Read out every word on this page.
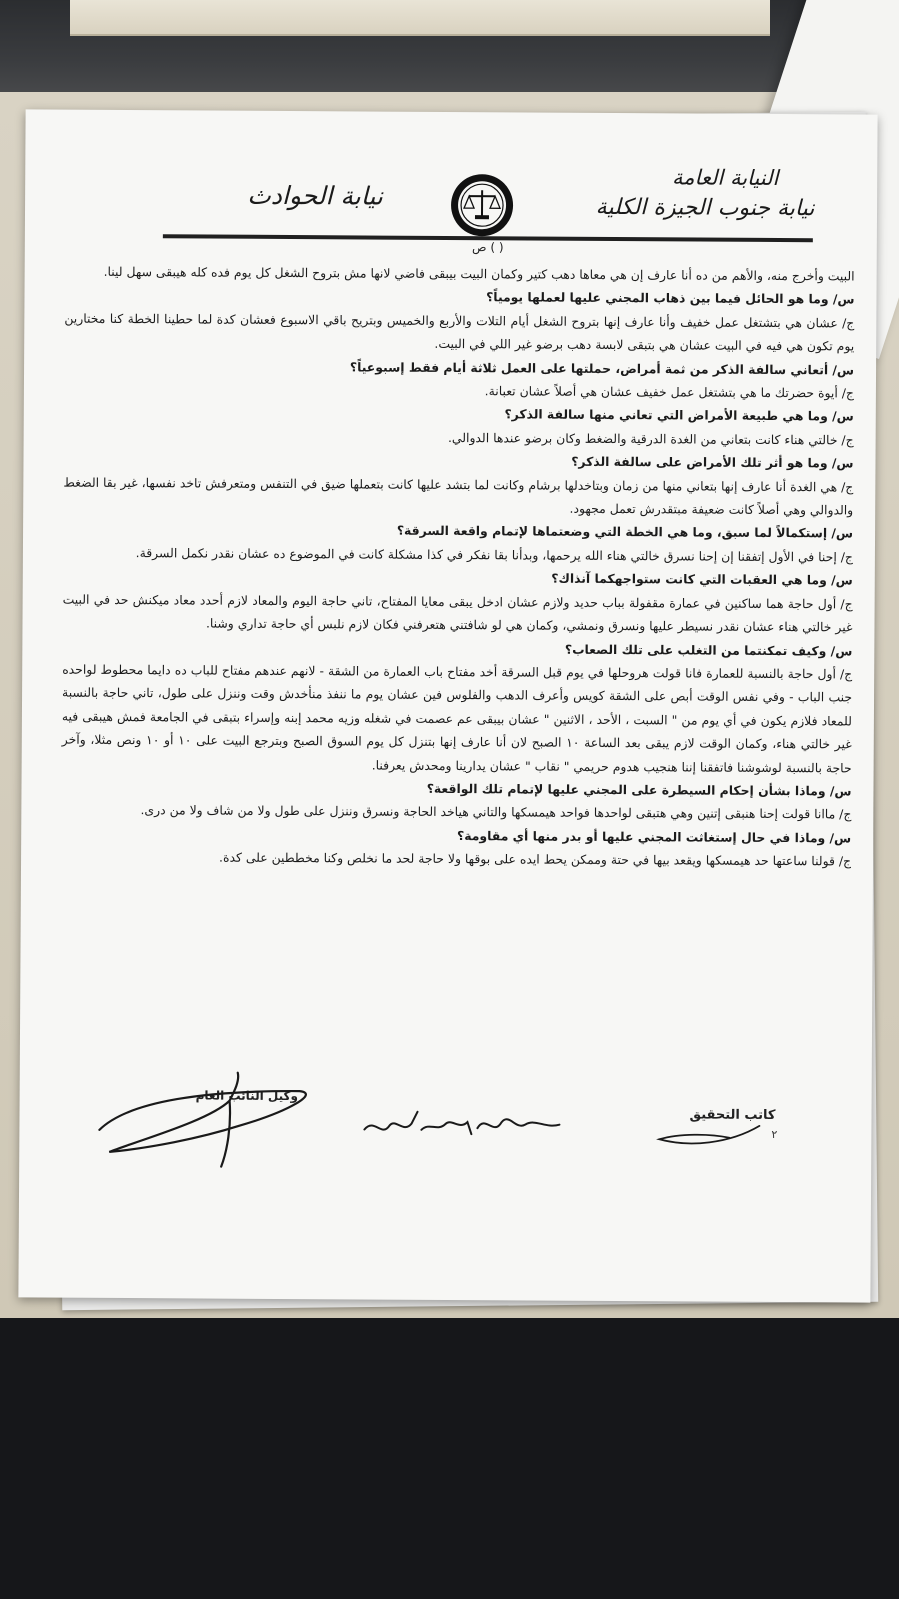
نيابة الحوادث
النيابة العامة
نيابة جنوب الجيزة الكلية
ص ( )

البيت وأخرج منه، والأهم من ده أنا عارف إن هي معاها دهب كتير وكمان البيت بيبقى فاضي لانها مش بتروح الشغل كل يوم فده كله هيبقى سهل لينا.

س/ وما هو الحائل فيما بين ذهاب المجني عليها لعملها يومياً؟

ج/ عشان هي بتشتغل عمل خفيف وأنا عارف إنها بتروح الشغل أيام التلات والأربع والخميس وبتريح باقي الاسبوع فعشان كدة لما حطينا الخطة كنا مختارين يوم تكون هي فيه في البيت عشان هي بتبقى لابسة دهب برضو غير اللي في البيت.

س/ أتعاني سالفة الذكر من ثمة أمراض، حملتها على العمل ثلاثة أيام فقط إسبوعياً؟

ج/ أيوة حضرتك ما هي بتشتغل عمل خفيف عشان هي أصلاً عشان تعبانة.

س/ وما هي طبيعة الأمراض التي تعاني منها سالفة الذكر؟

ج/ خالتي هناء كانت بتعاني من الغدة الدرقية والضغط وكان برضو عندها الدوالي.

س/ وما هو أثر تلك الأمراض على سالفة الذكر؟

ج/ هي الغدة أنا عارف إنها بتعاني منها من زمان وبتاخدلها برشام وكانت لما بتشد عليها كانت بتعملها ضيق في التنفس ومتعرفش تاخد نفسها، غير بقا الضغط والدوالي وهي أصلاً كانت ضعيفة مبتقدرش تعمل مجهود.

س/ إستكمالاً لما سبق، وما هي الخطة التي وضعتماها لإتمام واقعة السرقة؟

ج/ إحنا في الأول إتفقنا إن إحنا نسرق خالتي هناء الله يرحمها، وبدأنا بقا نفكر في كذا مشكلة كانت في الموضوع ده عشان نقدر نكمل السرقة.

س/ وما هي العقبات التي كانت ستواجهكما آنذاك؟

ج/ أول حاجة هما ساكنين في عمارة مقفولة بباب حديد ولازم عشان ادخل يبقى معايا المفتاح، تاني حاجة اليوم والمعاد لازم أحدد معاد ميكنش حد في البيت غير خالتي هناء عشان نقدر نسيطر عليها ونسرق ونمشي، وكمان هي لو شافتني هتعرفني فكان لازم نلبس أي حاجة تداري وشنا.

س/ وكيف تمكنتما من التغلب على تلك الصعاب؟

ج/ أول حاجة بالنسبة للعمارة فانا قولت هروحلها في يوم قبل السرقة أخد مفتاح باب العمارة من الشقة - لانهم عندهم مفتاح للباب ده دايما محطوط لواحده جنب الباب - وفي نفس الوقت أبص على الشقة كويس وأعرف الدهب والفلوس فين عشان يوم ما ننفذ منأخدش وقت وننزل على طول، تاني حاجة بالنسبة للمعاد فلازم يكون في أي يوم من " السبت ، الأحد ، الاثنين " عشان بيبقى عم عصمت في شغله وزيه محمد إبنه وإسراء بتبقى في الجامعة فمش هيبقى فيه غير خالتي هناء، وكمان الوقت لازم يبقى بعد الساعة ١٠ الصبح لان أنا عارف إنها بتنزل كل يوم السوق الصبح وبترجع البيت على ١٠ أو ١٠ ونص مثلا، وآخر حاجة بالنسبة لوشوشنا فاتفقنا إننا هنجيب هدوم حريمي " نقاب " عشان يدارينا ومحدش يعرفنا.

س/ وماذا بشأن إحكام السيطرة على المجني عليها لإتمام تلك الواقعة؟

ج/ ماانا قولت إحنا هنبقى إتنين وهي هتبقى لواحدها فواحد هيمسكها والتاني هياخد الحاجة ونسرق وننزل على طول ولا من شاف ولا من درى.

س/ وماذا في حال إستغاثت المجني عليها أو بدر منها أي مقاومة؟

ج/ قولنا ساعتها حد هيمسكها ويقعد بيها في حتة وممكن يحط ايده على بوقها ولا حاجة لحد ما نخلص وكنا مخططين على كدة.

وكيل النائب العام
كاتب التحقيق
٢
